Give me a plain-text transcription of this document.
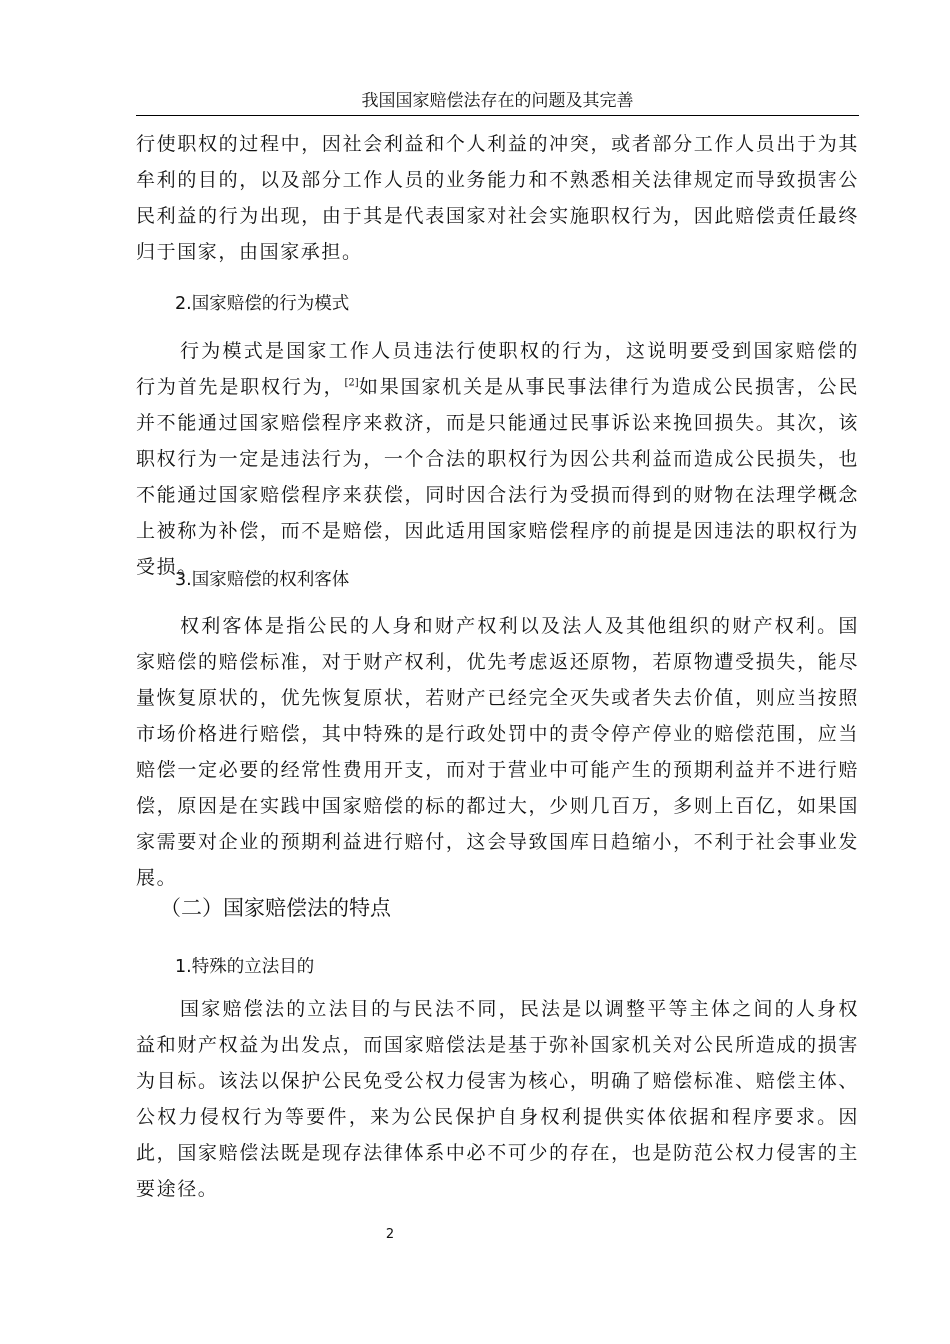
我国国家赔偿法存在的问题及其完善

行使职权的过程中，因社会利益和个人利益的冲突，或者部分工作人员出于为其牟利的目的，以及部分工作人员的业务能力和不熟悉相关法律规定而导致损害公民利益的行为出现，由于其是代表国家对社会实施职权行为，因此赔偿责任最终归于国家，由国家承担。

2.国家赔偿的行为模式

行为模式是国家工作人员违法行使职权的行为，这说明要受到国家赔偿的行为首先是职权行为，[2]如果国家机关是从事民事法律行为造成公民损害，公民并不能通过国家赔偿程序来救济，而是只能通过民事诉讼来挽回损失。其次，该职权行为一定是违法行为，一个合法的职权行为因公共利益而造成公民损失，也不能通过国家赔偿程序来获偿，同时因合法行为受损而得到的财物在法理学概念上被称为补偿，而不是赔偿，因此适用国家赔偿程序的前提是因违法的职权行为受损。

3.国家赔偿的权利客体

权利客体是指公民的人身和财产权利以及法人及其他组织的财产权利。国家赔偿的赔偿标准，对于财产权利，优先考虑返还原物，若原物遭受损失，能尽量恢复原状的，优先恢复原状，若财产已经完全灭失或者失去价值，则应当按照市场价格进行赔偿，其中特殊的是行政处罚中的责令停产停业的赔偿范围，应当赔偿一定必要的经常性费用开支，而对于营业中可能产生的预期利益并不进行赔偿，原因是在实践中国家赔偿的标的都过大，少则几百万，多则上百亿，如果国家需要对企业的预期利益进行赔付，这会导致国库日趋缩小，不利于社会事业发展。

（二）国家赔偿法的特点

1.特殊的立法目的

国家赔偿法的立法目的与民法不同，民法是以调整平等主体之间的人身权益和财产权益为出发点，而国家赔偿法是基于弥补国家机关对公民所造成的损害为目标。该法以保护公民免受公权力侵害为核心，明确了赔偿标准、赔偿主体、公权力侵权行为等要件，来为公民保护自身权利提供实体依据和程序要求。因此，国家赔偿法既是现存法律体系中必不可少的存在，也是防范公权力侵害的主要途径。

2
